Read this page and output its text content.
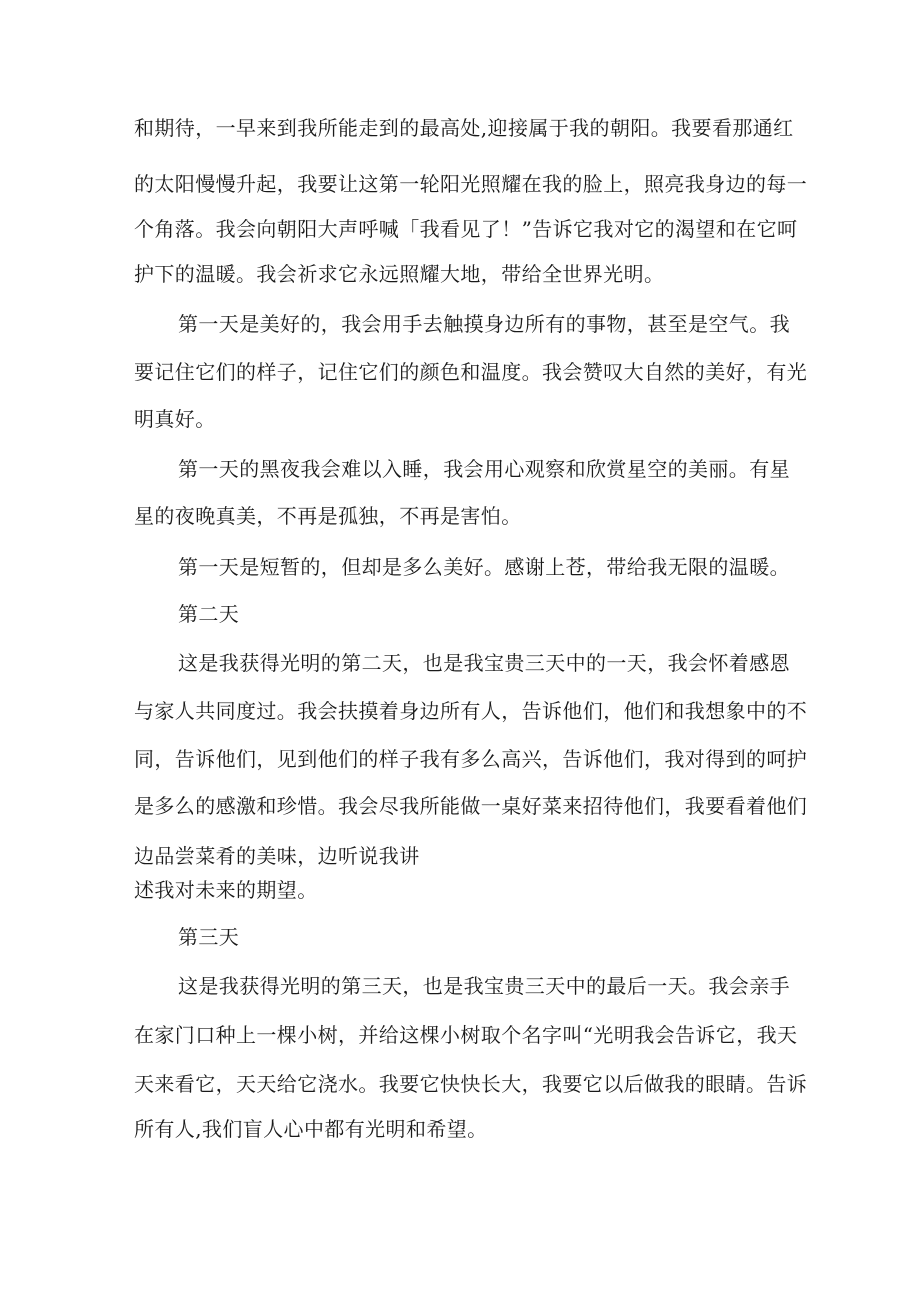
和期待，一早来到我所能走到的最高处,迎接属于我的朝阳。我要看那通红
的太阳慢慢升起，我要让这第一轮阳光照耀在我的脸上，照亮我身边的每一
个角落。我会向朝阳大声呼喊「我看见了！”告诉它我对它的渴望和在它呵
护下的温暖。我会祈求它永远照耀大地，带给全世界光明。
第一天是美好的，我会用手去触摸身边所有的事物，甚至是空气。我
要记住它们的样子，记住它们的颜色和温度。我会赞叹大自然的美好，有光
明真好。
第一天的黑夜我会难以入睡，我会用心观察和欣赏星空的美丽。有星
星的夜晚真美，不再是孤独，不再是害怕。
第一天是短暂的，但却是多么美好。感谢上苍，带给我无限的温暖。
第二天
这是我获得光明的第二天，也是我宝贵三天中的一天，我会怀着感恩
与家人共同度过。我会扶摸着身边所有人，告诉他们，他们和我想象中的不
同，告诉他们，见到他们的样子我有多么高兴，告诉他们，我对得到的呵护
是多么的感激和珍惜。我会尽我所能做一桌好菜来招待他们，我要看着他们
边品尝菜肴的美味，边听说我讲
述我对未来的期望。
第三天
这是我获得光明的第三天，也是我宝贵三天中的最后一天。我会亲手
在家门口种上一棵小树，并给这棵小树取个名字叫“光明我会告诉它，我天
天来看它，天天给它浇水。我要它快快长大，我要它以后做我的眼睛。告诉
所有人,我们盲人心中都有光明和希望。
